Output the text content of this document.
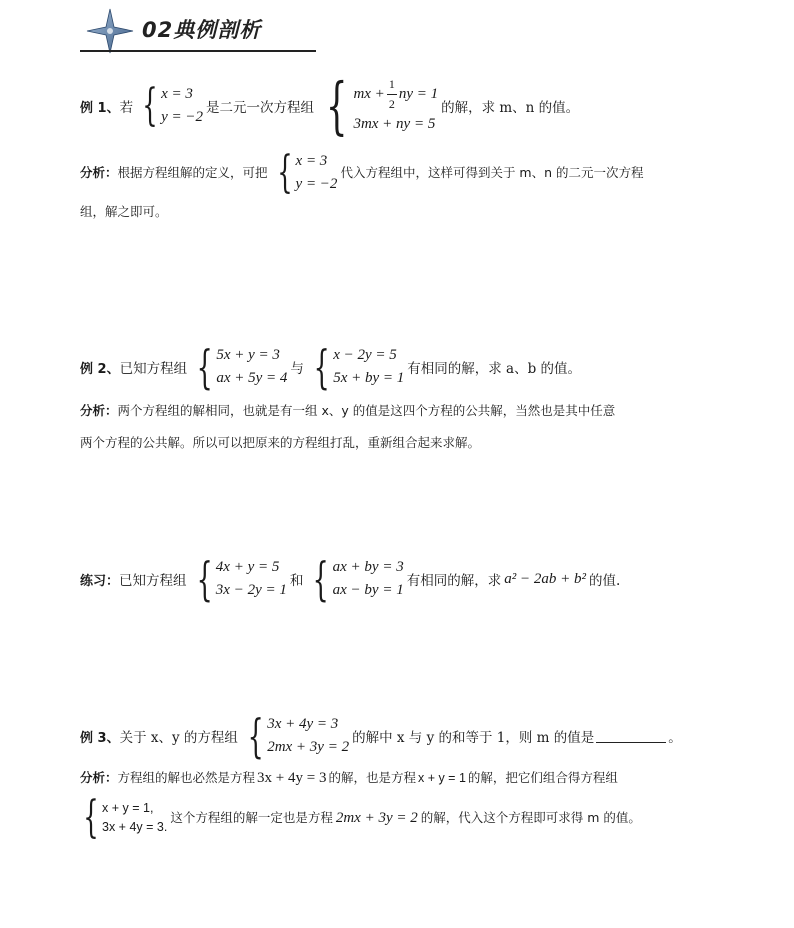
02典例剖析
例 1、 若 { x = 3
y = −2
是二元一次方程组 { mx + $\frac{1}{2}$ ny = 1
3mx + ny = 5
的解，求 m、n 的值。
分析： 根据方程组解的定义，可把 { x = 3
y = −2
代入方程组中，这样可得到关于 m、n 的二元一次方程
组，解之即可。
例 2、 已知方程组 { 5x + y = 3
ax + 5y = 4
与 { x − 2y = 5
5x + by = 1
有相同的解，求 a、b 的值。
分析：两个方程组的解相同，也就是有一组 x、y 的值是这四个方程的公共解，当然也是其中任意
两个方程的公共解。所以可以把原来的方程组打乱，重新组合起来求解。
练习： 已知方程组 { 4x + y = 5
3x − 2y = 1
和 { ax + by = 3
ax − by = 1
有相同的解，求 a² − 2ab + b² 的值.
例 3、 关于 x、y 的方程组 { 3x + 4y = 3
2mx + 3y = 2
的解中 x 与 y 的和等于 1，则 m 的值是	。
分析： 方程组的解也必然是方程 3x + 4y = 3 的解，也是方程 x + y = 1 的解，把它们组合得方程组
{ x + y = 1,
3x + 4y = 3.
这个方程组的解一定也是方程 2mx + 3y = 2 的解，代入这个方程即可求得 m 的值。
